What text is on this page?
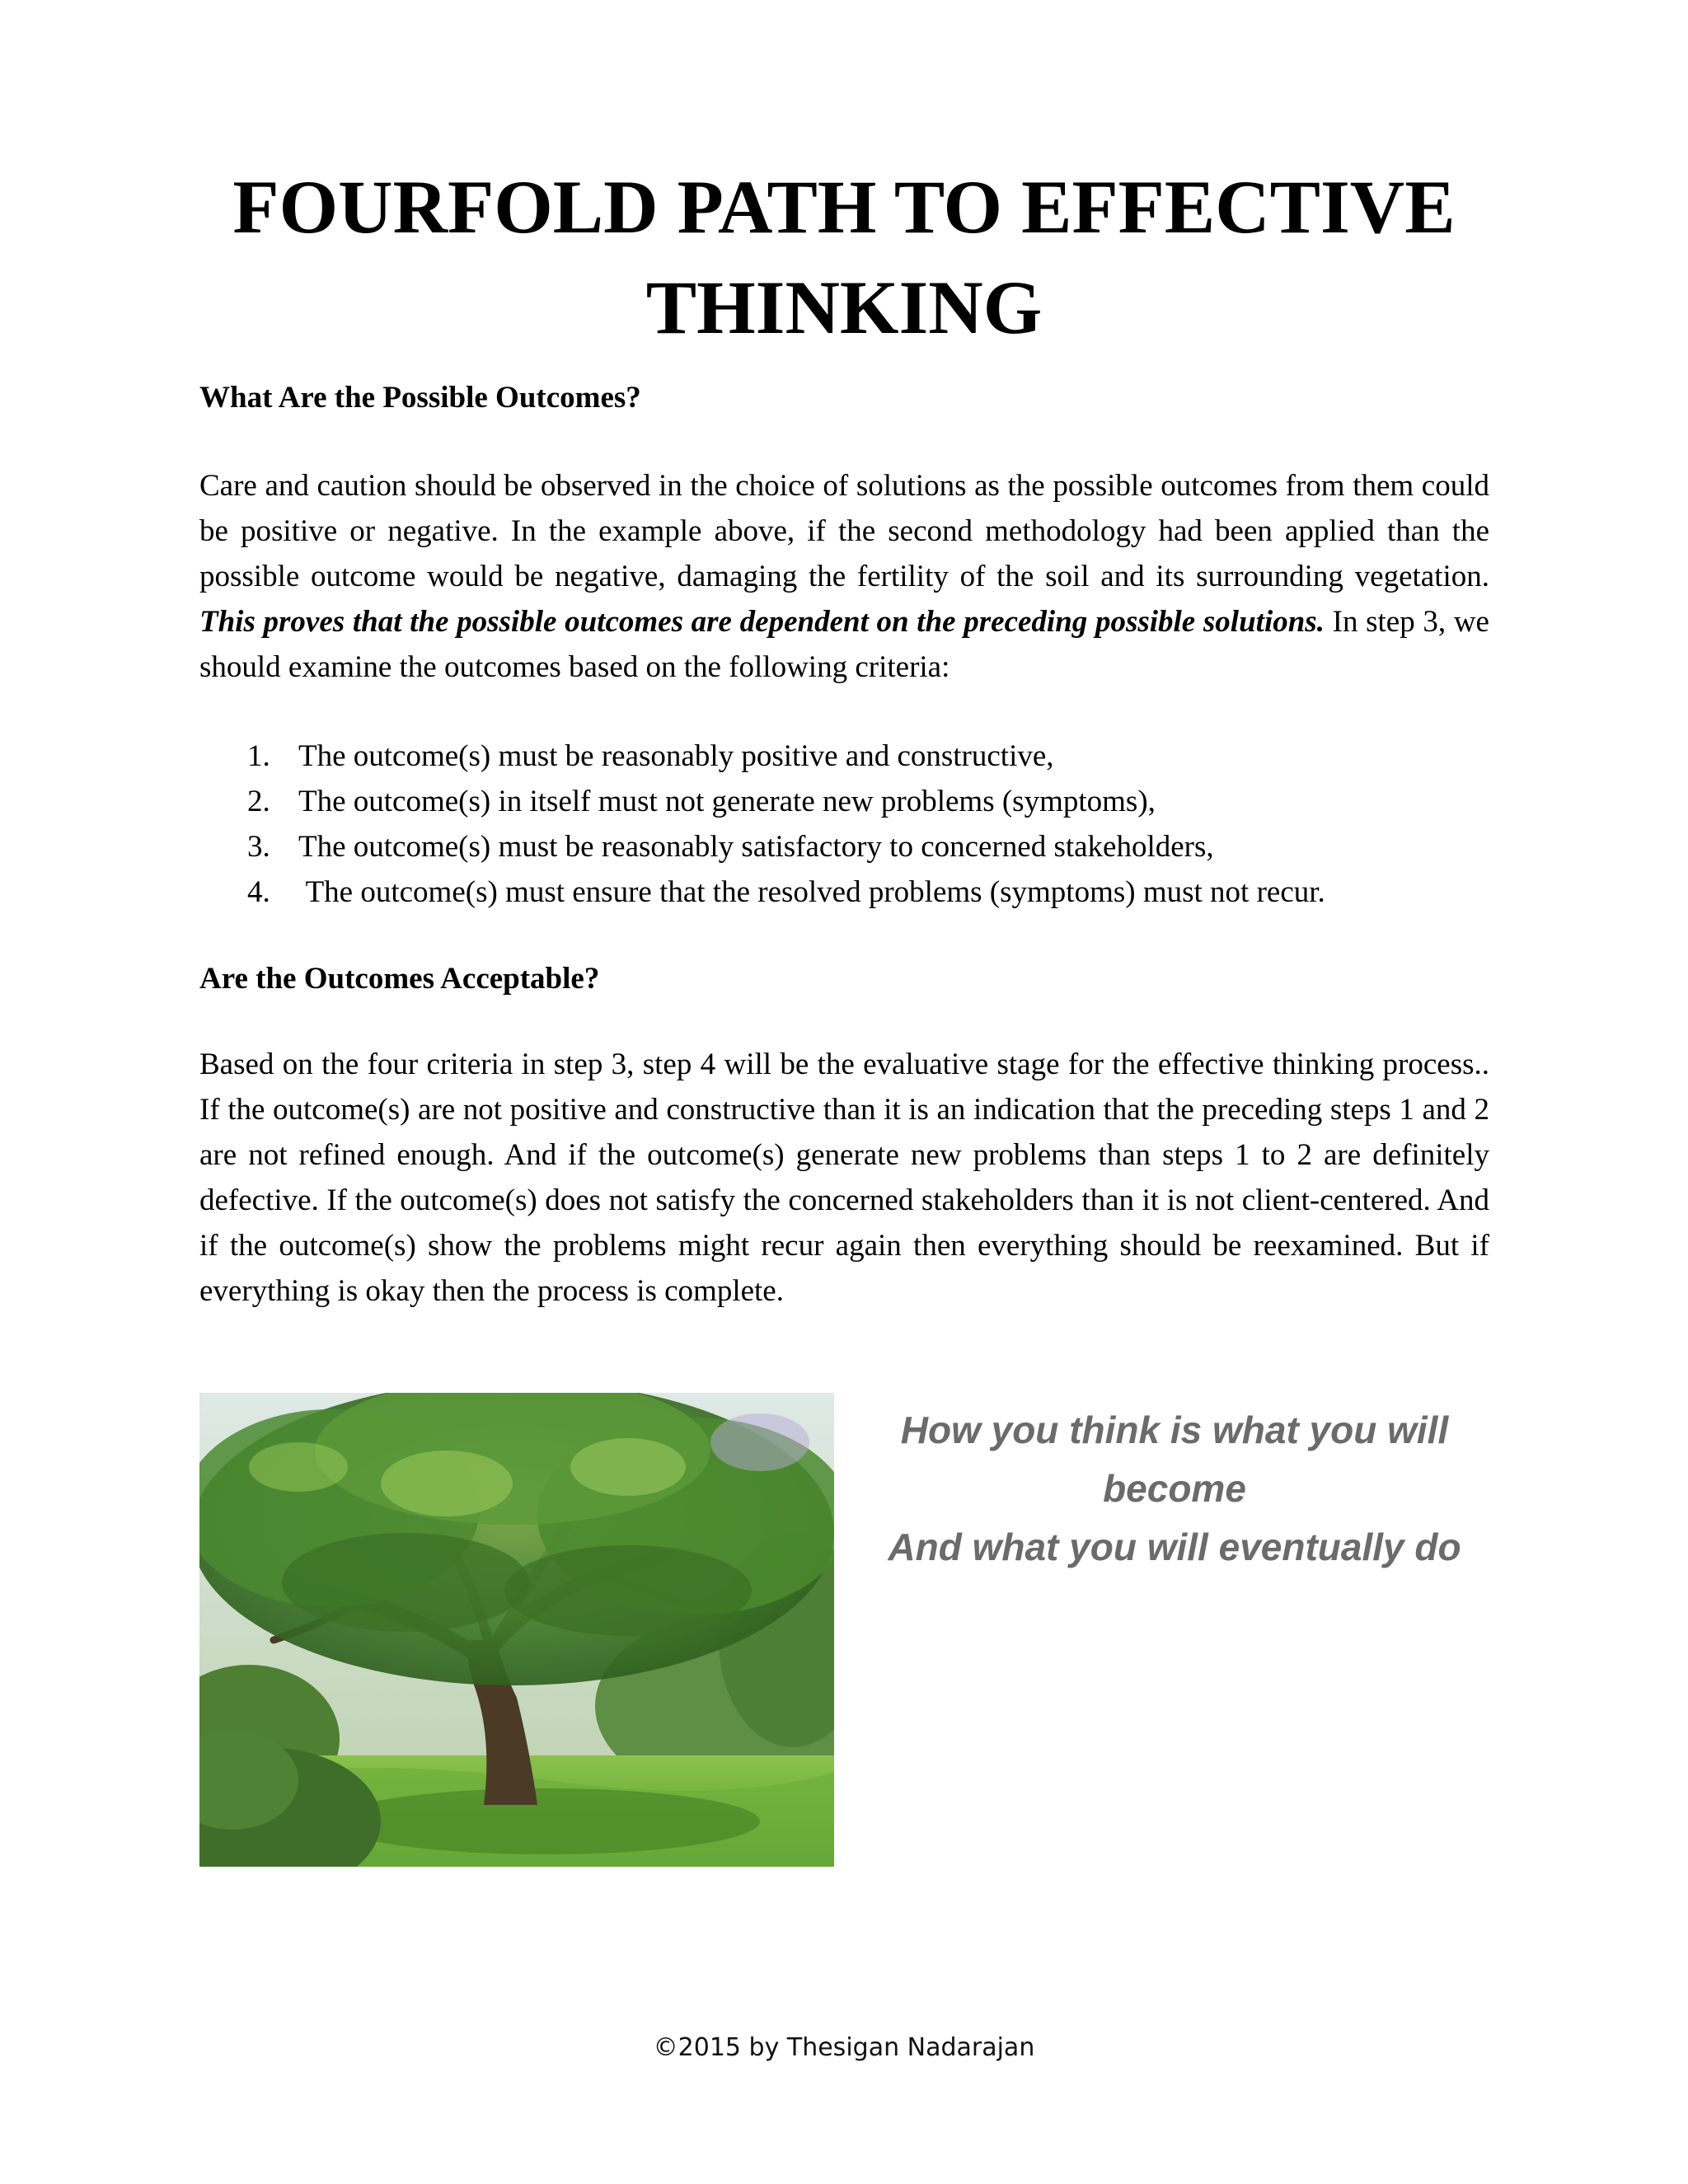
FOURFOLD PATH TO EFFECTIVE
THINKING
What Are the Possible Outcomes?

Care and caution should be observed in the choice of solutions as the possible outcomes from them could be positive or negative. In the example above, if the second methodology had been applied than the possible outcome would be negative, damaging the fertility of the soil and its surrounding vegetation. This proves that the possible outcomes are dependent on the preceding possible solutions. In step 3, we should examine the outcomes based on the following criteria:

1. The outcome(s) must be reasonably positive and constructive,
2. The outcome(s) in itself must not generate new problems (symptoms),
3. The outcome(s) must be reasonably satisfactory to concerned stakeholders,
4. The outcome(s) must ensure that the resolved problems (symptoms) must not recur.
Are the Outcomes Acceptable?

Based on the four criteria in step 3, step 4 will be the evaluative stage for the effective thinking process.. If the outcome(s) are not positive and constructive than it is an indication that the preceding steps 1 and 2 are not refined enough. And if the outcome(s) generate new problems than steps 1 to 2 are definitely defective. If the outcome(s) does not satisfy the concerned stakeholders than it is not client-centered. And if the outcome(s) show the problems might recur again then everything should be reexamined. But if everything is okay then the process is complete.

How you think is what you will
become
And what you will eventually do

©2015 by Thesigan Nadarajan
